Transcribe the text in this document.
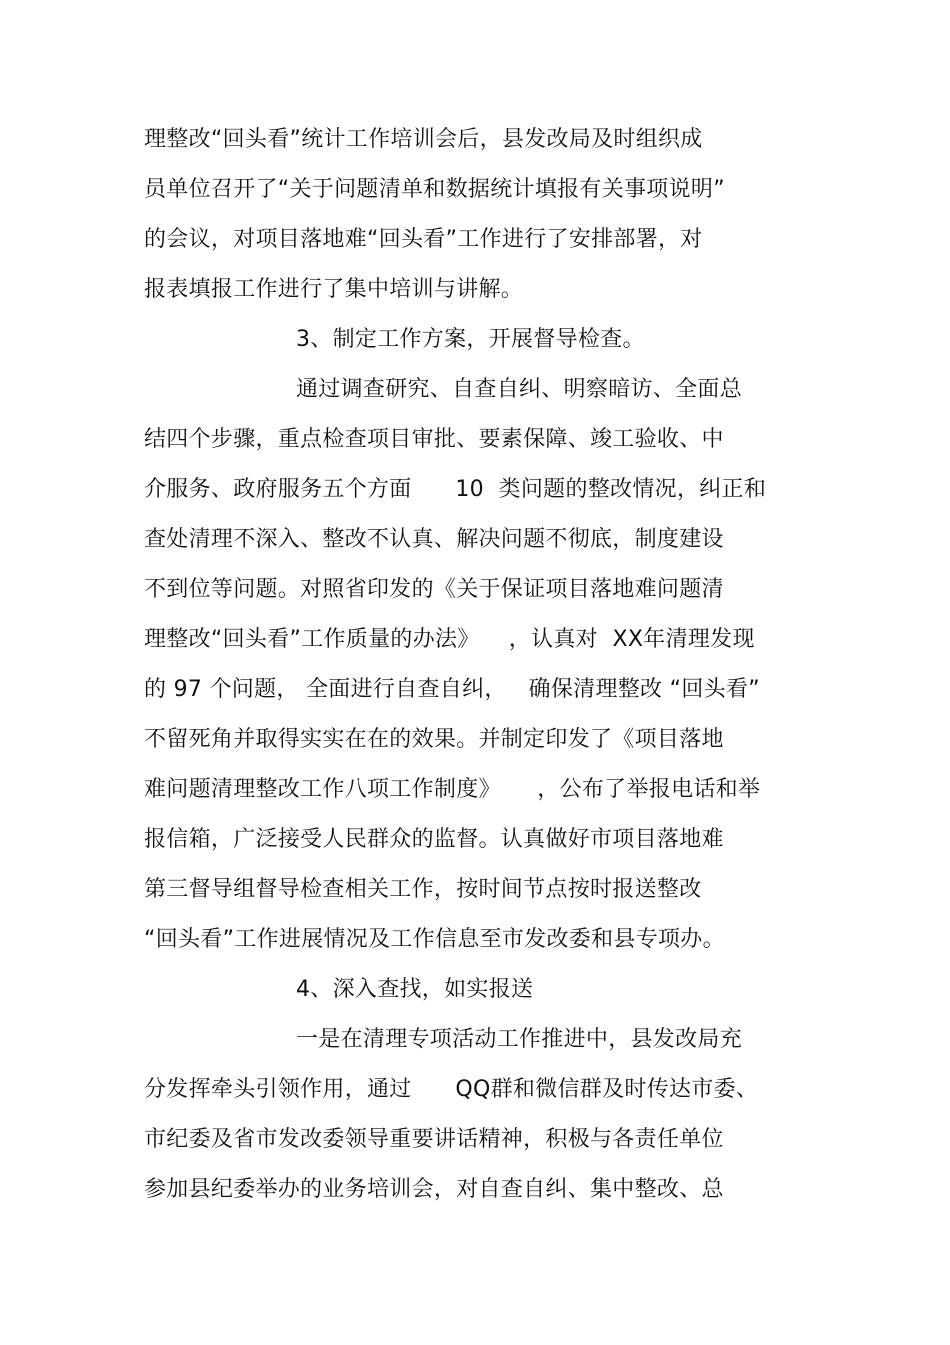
理整改“回头看”统计工作培训会后，县发改局及时组织成
员单位召开了“关于问题清单和数据统计填报有关事项说明”
的会议，对项目落地难“回头看”工作进行了安排部署，对
报表填报工作进行了集中培训与讲解。
3、制定工作方案，开展督导检查。
通过调查研究、自查自纠、明察暗访、全面总
结四个步骤，重点检查项目审批、要素保障、竣工验收、中
介服务、政府服务五个方面      10  类问题的整改情况，纠正和
查处清理不深入、整改不认真、解决问题不彻底，制度建设
不到位等问题。对照省印发的《关于保证项目落地难问题清
理整改“回头看”工作质量的办法》    ，认真对  XX年清理发现
的 97 个问题， 全面进行自查自纠，   确保清理整改 “回头看”
不留死角并取得实实在在的效果。并制定印发了《项目落地
难问题清理整改工作八项工作制度》     ，公布了举报电话和举
报信箱，广泛接受人民群众的监督。认真做好市项目落地难
第三督导组督导检查相关工作，按时间节点按时报送整改
“回头看”工作进展情况及工作信息至市发改委和县专项办。
4、深入查找，如实报送
一是在清理专项活动工作推进中，县发改局充
分发挥牵头引领作用，通过      QQ群和微信群及时传达市委、
市纪委及省市发改委领导重要讲话精神，积极与各责任单位
参加县纪委举办的业务培训会，对自查自纠、集中整改、总
